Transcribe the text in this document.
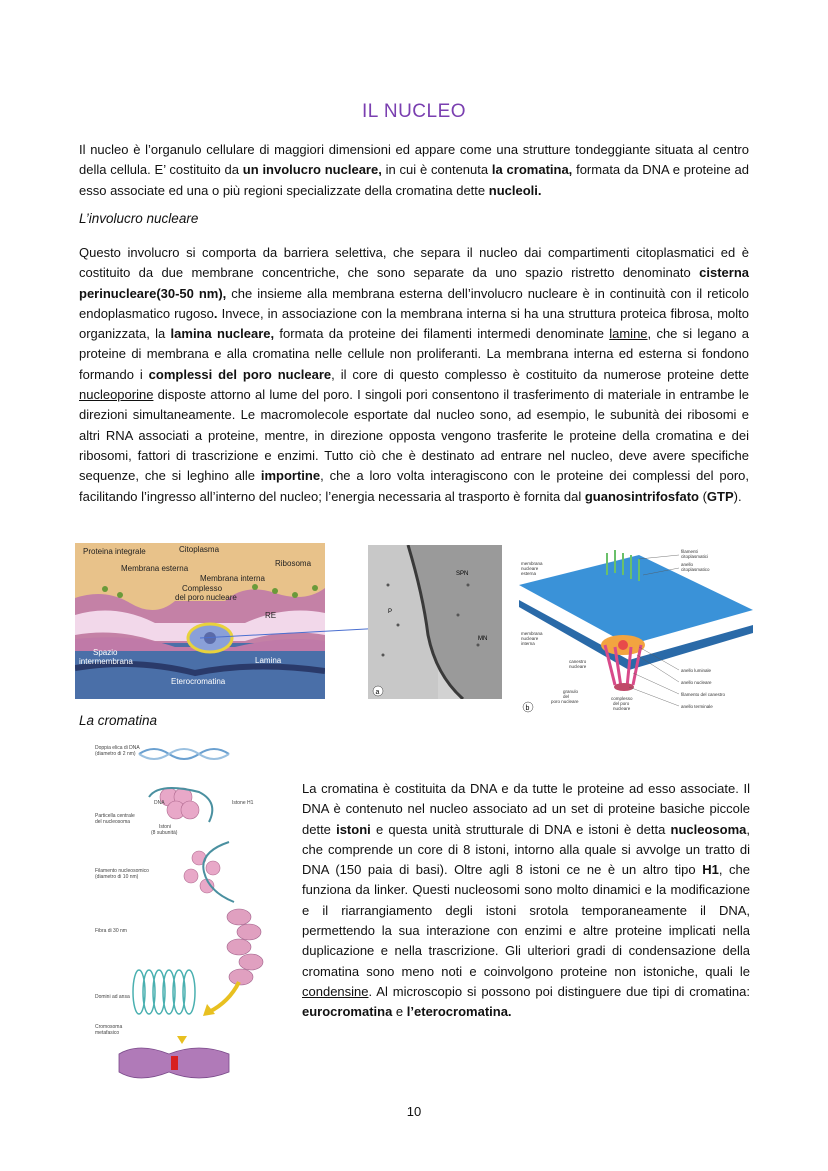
IL NUCLEO
Il nucleo è l’organulo cellulare di maggiori dimensioni ed appare come una strutture tondeggiante situata al centro della cellula. E’ costituito da un involucro nucleare, in cui è contenuta la cromatina, formata da DNA e proteine ad esso associate ed una o più regioni specializzate della cromatina dette nucleoli.
L’involucro nucleare
Questo involucro si comporta da barriera selettiva, che separa il nucleo dai compartimenti citoplasmatici ed è costituito da due membrane concentriche, che sono separate da uno spazio ristretto denominato cisterna perinucleare(30-50 nm), che insieme alla membrana esterna dell’involucro nucleare è in continuità con il reticolo endoplasmatico rugoso. Invece, in associazione con la membrana interna si ha una struttura proteica fibrosa, molto organizzata, la lamina nucleare, formata da proteine dei filamenti intermedi denominate lamine, che si legano a proteine di membrana e alla cromatina nelle cellule non proliferanti. La membrana interna ed esterna si fondono formando i complessi del poro nucleare, il core di questo complesso è costituito da numerose proteine dette nucleoporine disposte attorno al lume del poro. I singoli pori consentono il trasferimento di materiale in entrambe le direzioni simultaneamente. Le macromolecole esportate dal nucleo sono, ad esempio, le subunità dei ribosomi e altri RNA associati a proteine, mentre, in direzione opposta vengono trasferite le proteine della cromatina e dei ribosomi, fattori di trascrizione e enzimi. Tutto ciò che è destinato ad entrare nel nucleo, deve avere specifiche sequenze, che si leghino alle importine, che a loro volta interagiscono con le proteine dei complessi del poro, facilitando l’ingresso all’interno del nucleo; l’energia necessaria al trasporto è fornita dal guanosintrifosfato (GTP).
Proteina integrale	Citoplasma
Ribosoma
Membrana esterna
Membrana interna
Complesso
del poro nucleare
RE
Spazio
intermembrana	Lamina
Eterocromatina
SPN
P
MN
a
filamenti
citoplasmatici
anello
citoplasmatico
membrana
nucleare
esterna
membrana
nucleare
interna
canestro
nucleare
granulo
del
poro nucleare
complesso
del poro
nucleare
anello luminale
anello nucleare
filamento del canestro
anello terminale
b
La cromatina
Doppia elica di DNA
(diametro di 2 nm)
DNA	Istone H1
Particella centrale
del nucleosoma
Istoni
(8 subunità)
Filamento nucleosomico
(diametro di 10 nm)
Fibra di 30 nm
Domini ad ansa
Cromosoma
metafasico
La cromatina è costituita da DNA e da tutte le proteine ad esso associate. Il DNA è contenuto nel nucleo associato ad un set di proteine basiche piccole dette istoni e questa unità strutturale di DNA e istoni è detta nucleosoma, che comprende un core di 8 istoni, intorno alla quale si avvolge un tratto di DNA (150 paia di basi). Oltre agli 8 istoni ce ne è un altro tipo H1, che funziona da linker. Questi nucleosomi sono molto dinamici e la modificazione e il riarrangiamento degli istoni srotola temporaneamente il DNA, permettendo la sua interazione con enzimi e altre proteine implicati nella duplicazione e nella trascrizione. Gli ulteriori gradi di condensazione della cromatina sono meno noti e coinvolgono proteine non istoniche, quali le condensine. Al microscopio si possono poi distinguere due tipi di cromatina: eurocromatina e l’eterocromatina.
10
